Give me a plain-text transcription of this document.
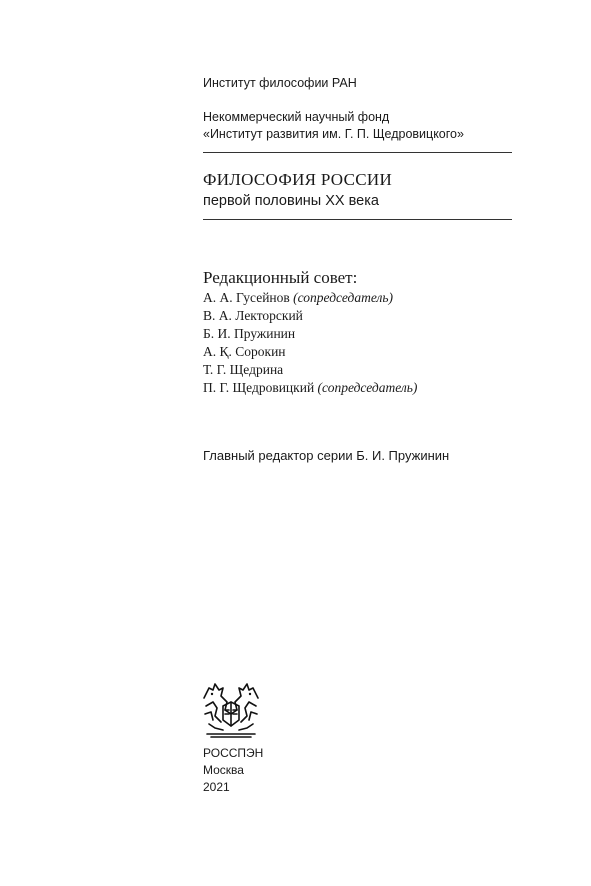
Институт философии РАН
Некоммерческий научный фонд
«Институт развития им. Г. П. Щедровицкого»
ФИЛОСОФИЯ РОССИИ
первой половины XX века
Редакционный совет:
А. А. Гусейнов (сопредседатель)
В. А. Лекторский
Б. И. Пружинин
А. Қ. Сорокин
Т. Г. Щедрина
П. Г. Щедровицкий (сопредседатель)
Главный редактор серии Б. И. Пружинин
РОССПЭН
Москва
2021
